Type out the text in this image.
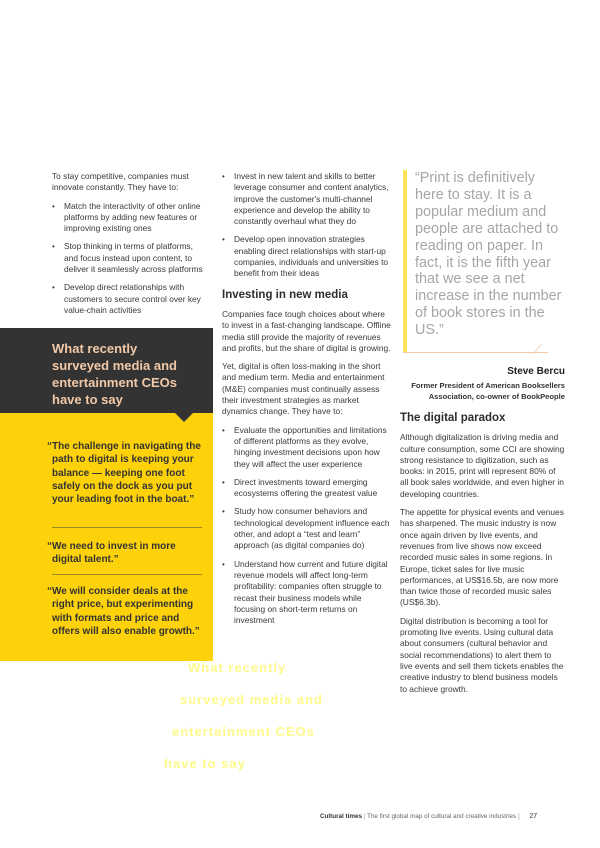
To stay competitive, companies must innovate constantly. They have to:

• Match the interactivity of other online platforms by adding new features or improving existing ones
• Stop thinking in terms of platforms, and focus instead upon content, to deliver it seamlessly across platforms
• Develop direct relationships with customers to secure control over key value-chain activities
What recently surveyed media and entertainment CEOs have to say
“The challenge in navigating the path to digital is keeping your balance — keeping one foot safely on the dock as you put your leading foot in the boat.”
“We need to invest in more digital talent.”
“We will consider deals at the right price, but experimenting with formats and price and offers will also enable growth.”
What recently
surveyed media and
entertainment CEOs
have to say
• Invest in new talent and skills to better leverage consumer and content analytics, improve the customer's multi-channel experience and develop the ability to constantly overhaul what they do
• Develop open innovation strategies enabling direct relationships with start-up companies, individuals and universities to benefit from their ideas
Investing in new media

Companies face tough choices about where to invest in a fast-changing landscape. Offline media still provide the majority of revenues and profits, but the share of digital is growing.

Yet, digital is often loss-making in the short and medium term. Media and entertainment (M&E) companies must continually assess their investment strategies as market dynamics change. They have to:

• Evaluate the opportunities and limitations of different platforms as they evolve, hinging investment decisions upon how they will affect the user experience
• Direct investments toward emerging ecosystems offering the greatest value
• Study how consumer behaviors and technological development influence each other, and adopt a “test and learn” approach (as digital companies do)
• Understand how current and future digital revenue models will affect long-term profitability: companies often struggle to recast their business models while focusing on short-term returns on investment
“Print is definitively here to stay. It is a popular medium and people are attached to reading on paper. In fact, it is the fifth year that we see a net increase in the number of book stores in the US.”
Steve Bercu
Former President of American Booksellers Association, co-owner of BookPeople
The digital paradox

Although digitalization is driving media and culture consumption, some CCI are showing strong resistance to digitization, such as books: in 2015, print will represent 80% of all book sales worldwide, and even higher in developing countries.

The appetite for physical events and venues has sharpened. The music industry is now once again driven by live events, and revenues from live shows now exceed recorded music sales in some regions. In Europe, ticket sales for live music performances, at US$16.5b, are now more than twice those of recorded music sales (US$6.3b).

Digital distribution is becoming a tool for promoting live events. Using cultural data about consumers (cultural behavior and social recommendations) to alert them to live events and sell them tickets enables the creative industry to blend business models to achieve growth.

Cultural times | The first global map of cultural and creative industries ] 27
